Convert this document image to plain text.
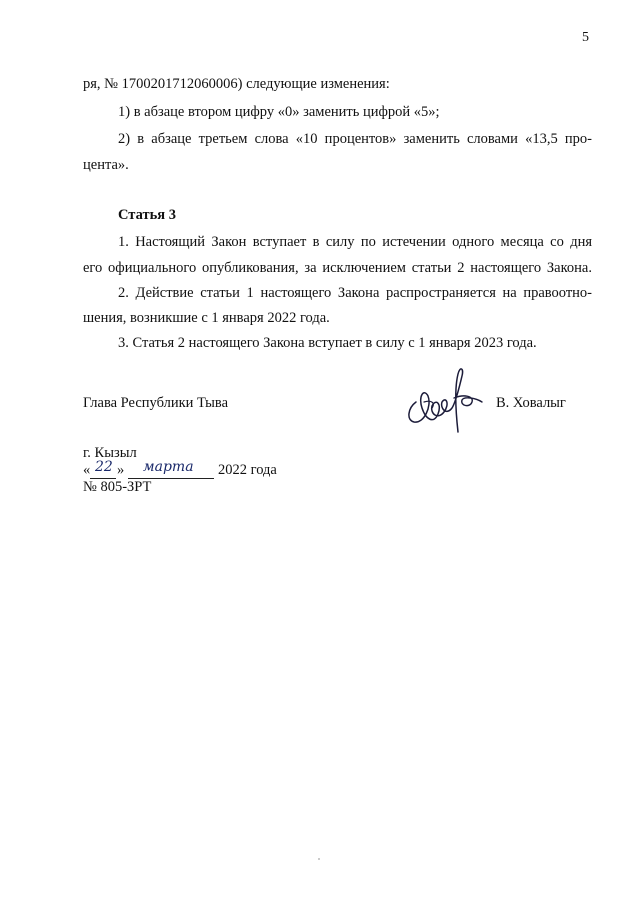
5
ря, № 1700201712060006) следующие изменения:
1) в абзаце втором цифру «0» заменить цифрой «5»;
2) в абзаце третьем слова «10 процентов» заменить словами «13,5 про-
цента».
Статья 3
1. Настоящий Закон вступает в силу по истечении одного месяца со дня
его официального опубликования, за исключением статьи 2 настоящего Закона.
2. Действие статьи 1 настоящего Закона распространяется на правоотно-
шения, возникшие с 1 января 2022 года.
3. Статья 2 настоящего Закона вступает в силу с 1 января 2023 года.
Глава Республики Тыва	В. Ховалыг
г. Кызыл
« 22 » марта 2022 года
№ 805-ЗРТ
